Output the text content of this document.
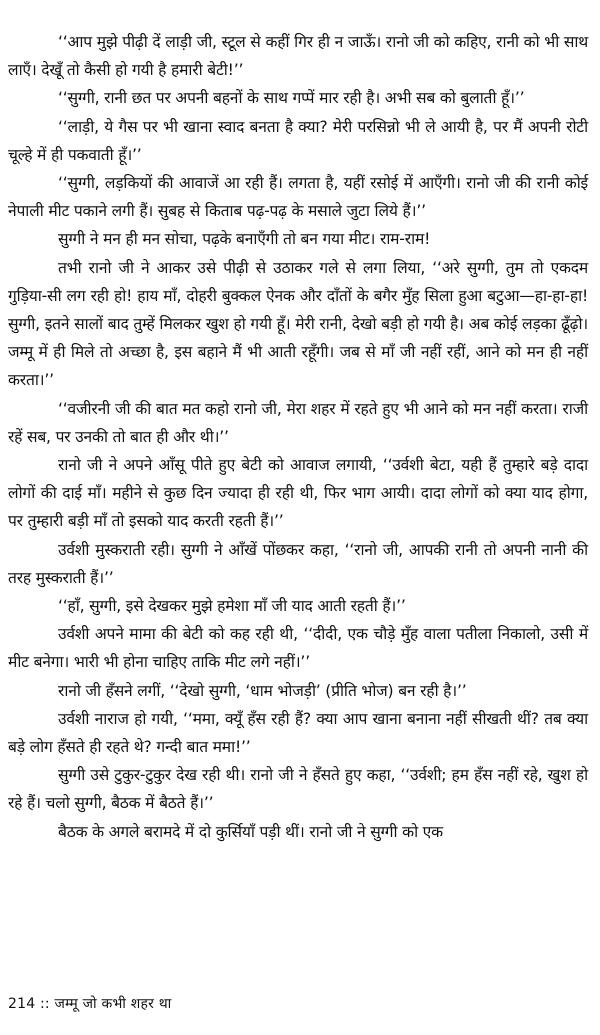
‘‘आप मुझे पीढ़ी दें लाड़ी जी, स्टूल से कहीं गिर ही न जाऊँ। रानो जी को कहिए, रानी को भी साथ लाएँ। देखूँ तो कैसी हो गयी है हमारी बेटी!’’

‘‘सुग्गी, रानी छत पर अपनी बहनों के साथ गप्पें मार रही है। अभी सब को बुलाती हूँ।’’

‘‘लाड़ी, ये गैस पर भी खाना स्वाद बनता है क्या? मेरी परसिन्नो भी ले आयी है, पर मैं अपनी रोटी चूल्हे में ही पकवाती हूँ।’’

‘‘सुग्गी, लड़कियों की आवाजें आ रही हैं। लगता है, यहीं रसोई में आएँगी। रानो जी की रानी कोई नेपाली मीट पकाने लगी हैं। सुबह से किताब पढ़-पढ़ के मसाले जुटा लिये हैं।’’

सुग्गी ने मन ही मन सोचा, पढ़के बनाएँगी तो बन गया मीट। राम-राम!

तभी रानो जी ने आकर उसे पीढ़ी से उठाकर गले से लगा लिया, ‘‘अरे सुग्गी, तुम तो एकदम गुड़िया-सी लग रही हो! हाय माँ, दोहरी बुक्कल ऐनक और दाँतों के बगैर मुँह सिला हुआ बटुआ—हा-हा-हा! सुग्गी, इतने सालों बाद तुम्हें मिलकर खुश हो गयी हूँ। मेरी रानी, देखो बड़ी हो गयी है। अब कोई लड़का ढूँढ़ो। जम्मू में ही मिले तो अच्छा है, इस बहाने मैं भी आती रहूँगी। जब से माँ जी नहीं रहीं, आने को मन ही नहीं करता।’’

‘‘वजीरनी जी की बात मत कहो रानो जी, मेरा शहर में रहते हुए भी आने को मन नहीं करता। राजी रहें सब, पर उनकी तो बात ही और थी।’’

रानो जी ने अपने आँसू पीते हुए बेटी को आवाज लगायी, ‘‘उर्वशी बेटा, यही हैं तुम्हारे बड़े दादा लोगों की दाई माँ। महीने से कुछ दिन ज्यादा ही रही थी, फिर भाग आयी। दादा लोगों को क्या याद होगा, पर तुम्हारी बड़ी माँ तो इसको याद करती रहती हैं।’’

उर्वशी मुस्कराती रही। सुग्गी ने आँखें पोंछकर कहा, ‘‘रानो जी, आपकी रानी तो अपनी नानी की तरह मुस्कराती हैं।’’

‘‘हाँ, सुग्गी, इसे देखकर मुझे हमेशा माँ जी याद आती रहती हैं।’’

उर्वशी अपने मामा की बेटी को कह रही थी, ‘‘दीदी, एक चौड़े मुँह वाला पतीला निकालो, उसी में मीट बनेगा। भारी भी होना चाहिए ताकि मीट लगे नहीं।’’

रानो जी हँसने लगीं, ‘‘देखो सुग्गी, ‘धाम भोजड़ी’ (प्रीति भोज) बन रही है।’’

उर्वशी नाराज हो गयी, ‘‘ममा, क्यूँ हँस रही हैं? क्या आप खाना बनाना नहीं सीखती थीं? तब क्या बड़े लोग हँसते ही रहते थे? गन्दी बात ममा!’’

सुग्गी उसे टुकुर-टुकुर देख रही थी। रानो जी ने हँसते हुए कहा, ‘‘उर्वशी; हम हँस नहीं रहे, खुश हो रहे हैं। चलो सुग्गी, बैठक में बैठते हैं।’’

बैठक के अगले बरामदे में दो कुर्सियाँ पड़ी थीं। रानो जी ने सुग्गी को एक

214 :: जम्मू जो कभी शहर था
